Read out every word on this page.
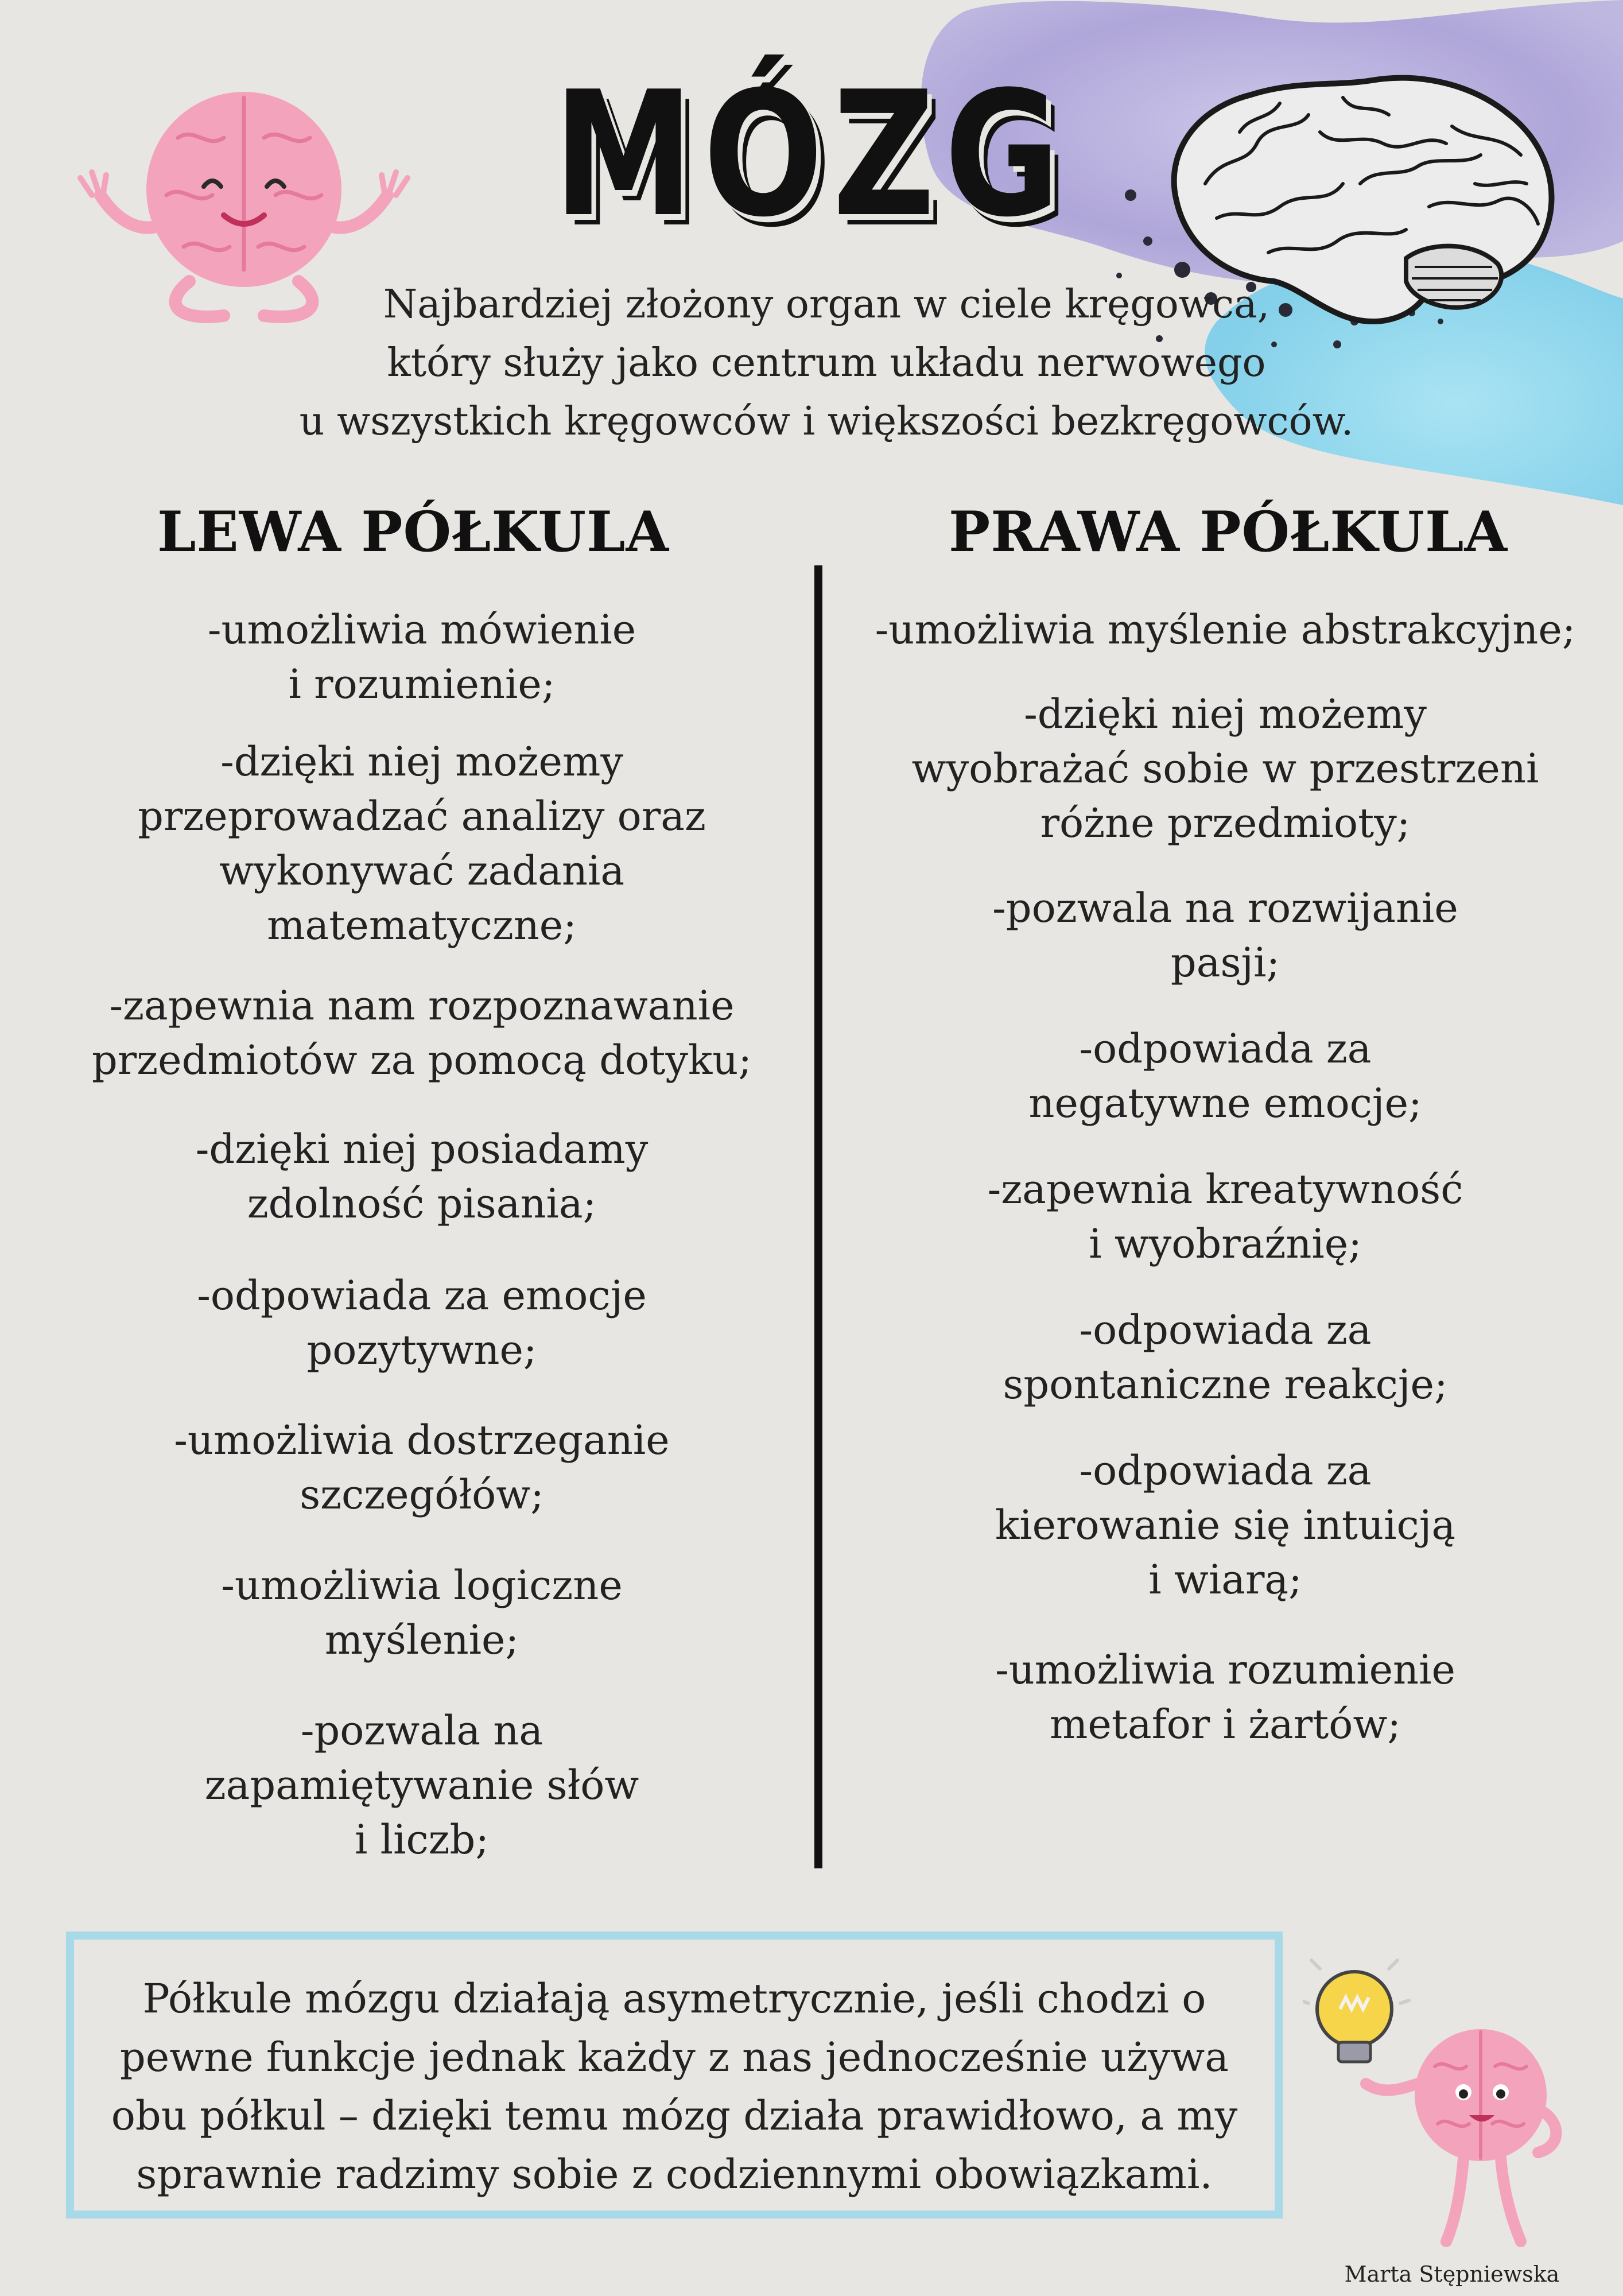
MÓZG
Najbardziej złożony organ w ciele kręgowca,
który służy jako centrum układu nerwowego
u wszystkich kręgowców i większości bezkręgowców.
LEWA PÓŁKULA	PRAWA PÓŁKULA
-umożliwia mówienie
i rozumienie;
-dzięki niej możemy
przeprowadzać analizy oraz
wykonywać zadania
matematyczne;
-zapewnia nam rozpoznawanie
przedmiotów za pomocą dotyku;
-dzięki niej posiadamy
zdolność pisania;
-odpowiada za emocje
pozytywne;
-umożliwia dostrzeganie
szczegółów;
-umożliwia logiczne
myślenie;
-pozwala na
zapamiętywanie słów
i liczb;
-umożliwia myślenie abstrakcyjne;
-dzięki niej możemy
wyobrażać sobie w przestrzeni
różne przedmioty;
-pozwala na rozwijanie
pasji;
-odpowiada za
negatywne emocje;
-zapewnia kreatywność
i wyobraźnię;
-odpowiada za
spontaniczne reakcje;
-odpowiada za
kierowanie się intuicją
i wiarą;
-umożliwia rozumienie
metafor i żartów;
Półkule mózgu działają asymetrycznie, jeśli chodzi o
pewne funkcje jednak każdy z nas jednocześnie używa
obu półkul – dzięki temu mózg działa prawidłowo, a my
sprawnie radzimy sobie z codziennymi obowiązkami.
Marta Stępniewska
